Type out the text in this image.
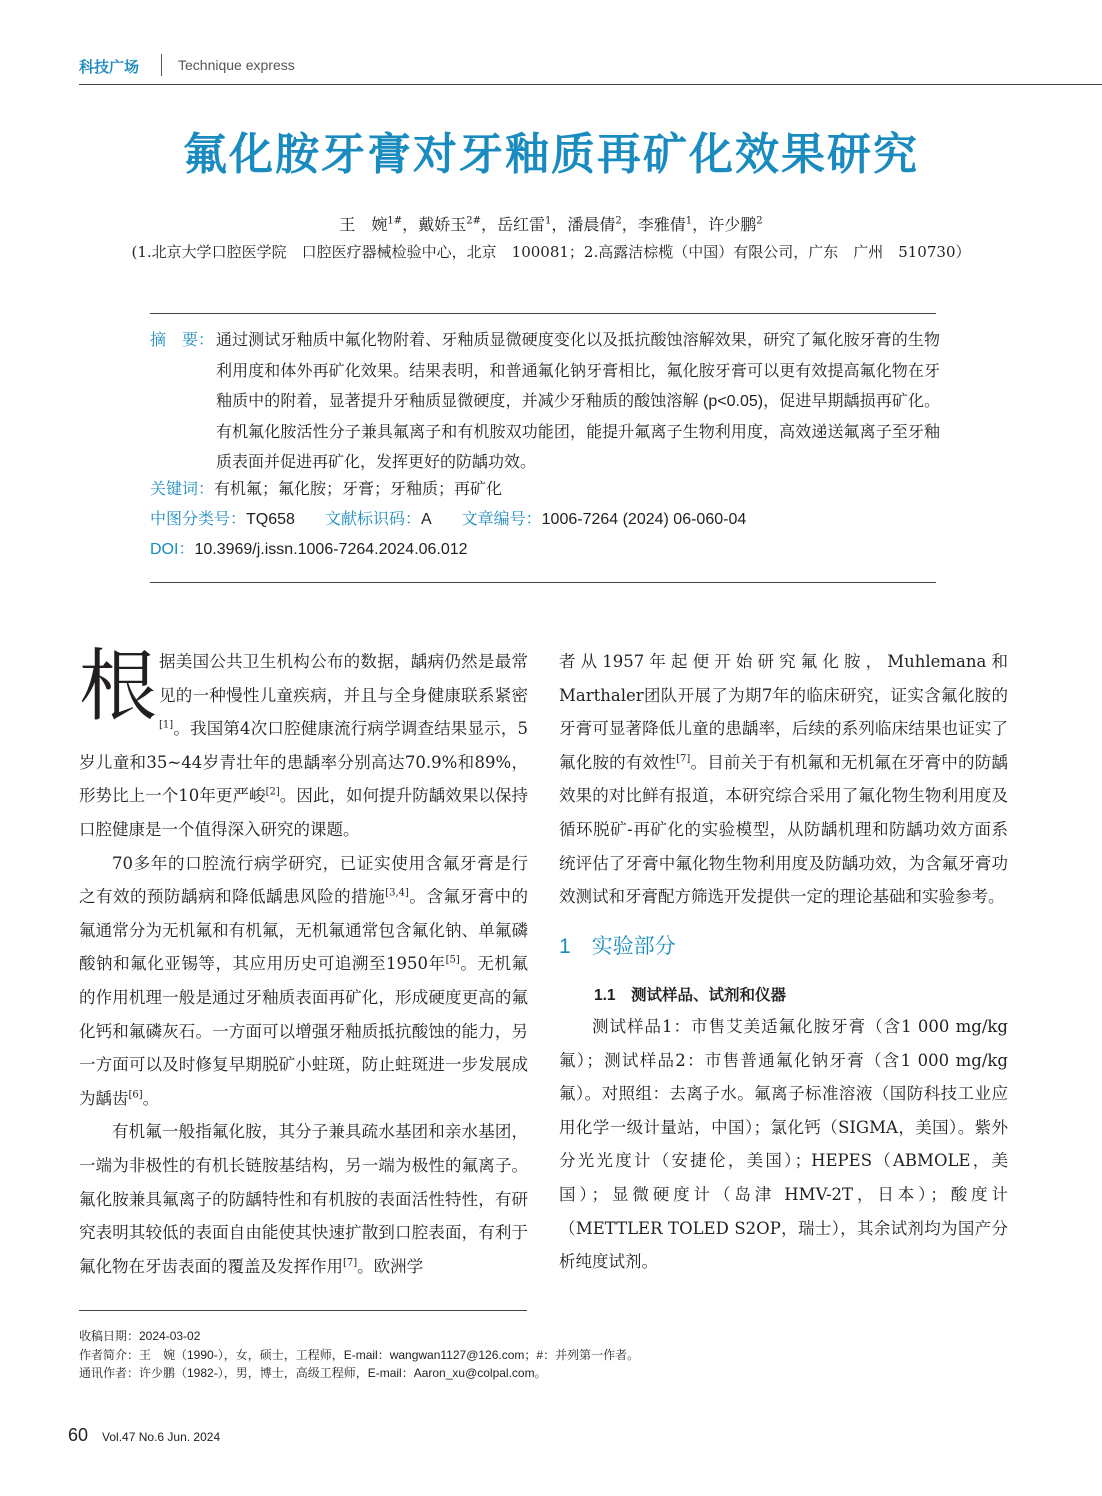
科技广场	Technique express
氟化胺牙膏对牙釉质再矿化效果研究
王　婉$^{1\#}$，戴娇玉$^{2\#}$，岳红雷$^1$，潘晨倩$^2$，李雅倩$^1$，许少鹏$^2$
(1.北京大学口腔医学院　口腔医疗器械检验中心，北京　100081；2.高露洁棕榄（中国）有限公司，广东　广州　510730）
摘　要： 通过测试牙釉质中氟化物附着、牙釉质显微硬度变化以及抵抗酸蚀溶解效果，研究了氟化胺牙膏的生物利用度和体外再矿化效果。结果表明，和普通氟化钠牙膏相比，氟化胺牙膏可以更有效提高氟化物在牙釉质中的附着，显著提升牙釉质显微硬度，并减少牙釉质的酸蚀溶解 (p<0.05)，促进早期龋损再矿化。有机氟化胺活性分子兼具氟离子和有机胺双功能团，能提升氟离子生物利用度，高效递送氟离子至牙釉质表面并促进再矿化，发挥更好的防龋功效。
关键词：有机氟；氟化胺；牙膏；牙釉质；再矿化
中图分类号：TQ658 文献标识码：A 文章编号：1006-7264 (2024) 06-060-04
DOI：10.3969/j.issn.1006-7264.2024.06.012

根据美国公共卫生机构公布的数据，龋病仍然是最常见的一种慢性儿童疾病，并且与全身健康联系紧密[1]。我国第4次口腔健康流行病学调查结果显示，5岁儿童和35~44岁青壮年的患龋率分别高达70.9%和89%，形势比上一个10年更严峻[2]。因此，如何提升防龋效果以保持口腔健康是一个值得深入研究的课题。

70多年的口腔流行病学研究，已证实使用含氟牙膏是行之有效的预防龋病和降低龋患风险的措施[3,4]。含氟牙膏中的氟通常分为无机氟和有机氟，无机氟通常包含氟化钠、单氟磷酸钠和氟化亚锡等，其应用历史可追溯至1950年[5]。无机氟的作用机理一般是通过牙釉质表面再矿化，形成硬度更高的氟化钙和氟磷灰石。一方面可以增强牙釉质抵抗酸蚀的能力，另一方面可以及时修复早期脱矿小蛀斑，防止蛀斑进一步发展成为龋齿[6]。

有机氟一般指氟化胺，其分子兼具疏水基团和亲水基团，一端为非极性的有机长链胺基结构，另一端为极性的氟离子。氟化胺兼具氟离子的防龋特性和有机胺的表面活性特性，有研究表明其较低的表面自由能使其快速扩散到口腔表面，有利于氟化物在牙齿表面的覆盖及发挥作用[7]。欧洲学

者从1957年起便开始研究氟化胺，Muhlemana和Marthaler团队开展了为期7年的临床研究，证实含氟化胺的牙膏可显著降低儿童的患龋率，后续的系列临床结果也证实了氟化胺的有效性[7]。目前关于有机氟和无机氟在牙膏中的防龋效果的对比鲜有报道，本研究综合采用了氟化物生物利用度及循环脱矿-再矿化的实验模型，从防龋机理和防龋功效方面系统评估了牙膏中氟化物生物利用度及防龋功效，为含氟牙膏功效测试和牙膏配方筛选开发提供一定的理论基础和实验参考。

1　实验部分
1.1　测试样品、试剂和仪器

测试样品1：市售艾美适氟化胺牙膏（含1 000 mg/kg氟）；测试样品2：市售普通氟化钠牙膏（含1 000 mg/kg氟）。对照组：去离子水。氟离子标准溶液（国防科技工业应用化学一级计量站，中国）；氯化钙（SIGMA，美国）。紫外分光光度计（安捷伦，美国）；HEPES（ABMOLE，美国）；显微硬度计（岛津 HMV-2T，日本）；酸度计（METTLER TOLED S2OP，瑞士），其余试剂均为国产分析纯度试剂。

收稿日期：2024-03-02
作者简介：王　婉（1990-），女，硕士，工程师，E-mail：wangwan1127@126.com；#：并列第一作者。
通讯作者：许少鹏（1982-），男，博士，高级工程师，E-mail：Aaron_xu@colpal.com。
60 Vol.47 No.6 Jun. 2024
